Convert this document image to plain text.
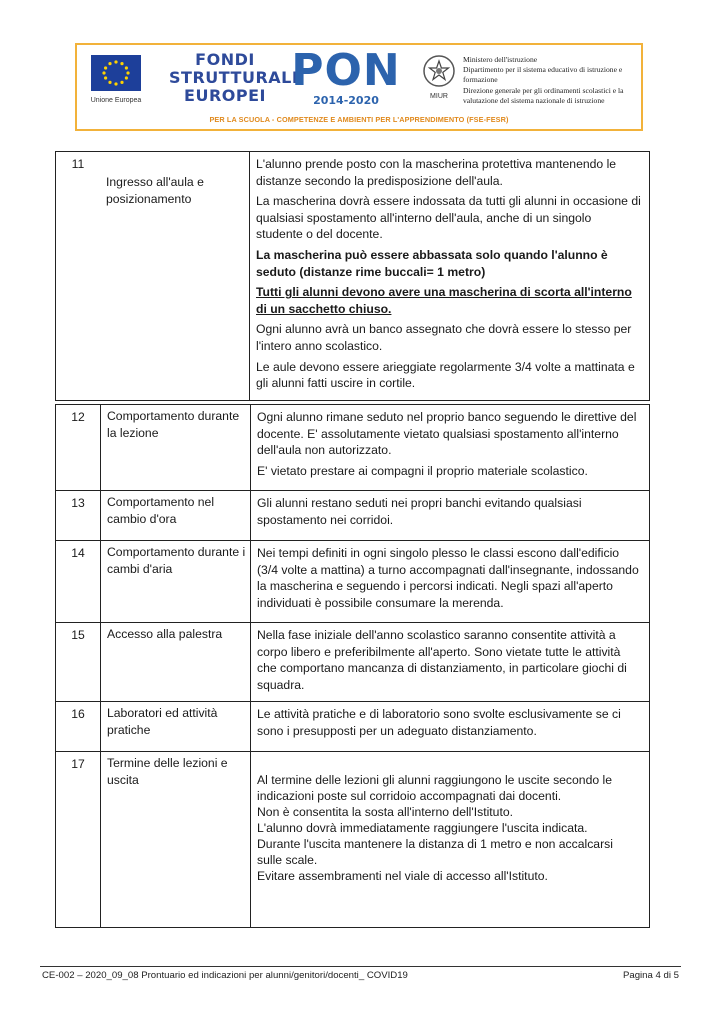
Unione Europea
FONDI
STRUTTURALI
EUROPEI PON
2014-2020	MIUR
Ministero dell'istruzione
Dipartimento per il sistema educativo di istruzione e formazione
Direzione generale per gli ordinamenti scolastici e la valutazione del sistema nazionale di istruzione
PER LA SCUOLA - COMPETENZE E AMBIENTI PER L'APPRENDIMENTO (FSE-FESR)
11	Ingresso all'aula e posizionamento	

L'alunno prende posto con la mascherina protettiva mantenendo le distanze secondo la predisposizione dell'aula.

La mascherina dovrà essere indossata da tutti gli alunni in occasione di qualsiasi spostamento all'interno dell'aula, anche di un singolo studente o del docente.

La mascherina può essere abbassata solo quando l'alunno è seduto (distanze rime buccali= 1 metro)

Tutti gli alunni devono avere una mascherina di scorta all'interno di un sacchetto chiuso.

Ogni alunno avrà un banco assegnato che dovrà essere lo stesso per l'intero anno scolastico.

Le aule devono essere arieggiate regolarmente 3/4 volte a mattinata e gli alunni fatti uscire in cortile.

12	Comportamento durante la lezione	Ogni alunno rimane seduto nel proprio banco seguendo le direttive del docente. E' assolutamente vietato qualsiasi spostamento all'interno dell'aula non autorizzato.

E' vietato prestare ai compagni il proprio materiale scolastico.

13	Comportamento nel cambio d'ora	Gli alunni restano seduti nei propri banchi evitando qualsiasi spostamento nei corridoi.

14	Comportamento durante i cambi d'aria	Nei tempi definiti in ogni singolo plesso le classi escono dall'edificio (3/4 volte a mattina) a turno accompagnati dall'insegnante, indossando la mascherina e seguendo i percorsi indicati. Negli spazi all'aperto individuati è possibile consumare la merenda.

15	Accesso alla palestra	Nella fase iniziale dell'anno scolastico saranno consentite attività a corpo libero e preferibilmente all'aperto. Sono vietate tutte le attività che comportano mancanza di distanziamento, in particolare giochi di squadra.

16	Laboratori ed attività pratiche	Le attività pratiche e di laboratorio sono svolte esclusivamente se ci sono i presupposti per un adeguato distanziamento.

17	Termine delle lezioni e uscita	Al termine delle lezioni gli alunni raggiungono le uscite secondo le indicazioni poste sul corridoio accompagnati dai docenti.
Non è consentita la sosta all'interno dell'Istituto.
L'alunno dovrà immediatamente raggiungere l'uscita indicata.
Durante l'uscita mantenere la distanza di 1 metro e non accalcarsi sulle scale.
Evitare assembramenti nel viale di accesso all'Istituto.
CE-002 – 2020_09_08 Prontuario ed indicazioni per alunni/genitori/docenti_ COVID19	Pagina 4 di 5
